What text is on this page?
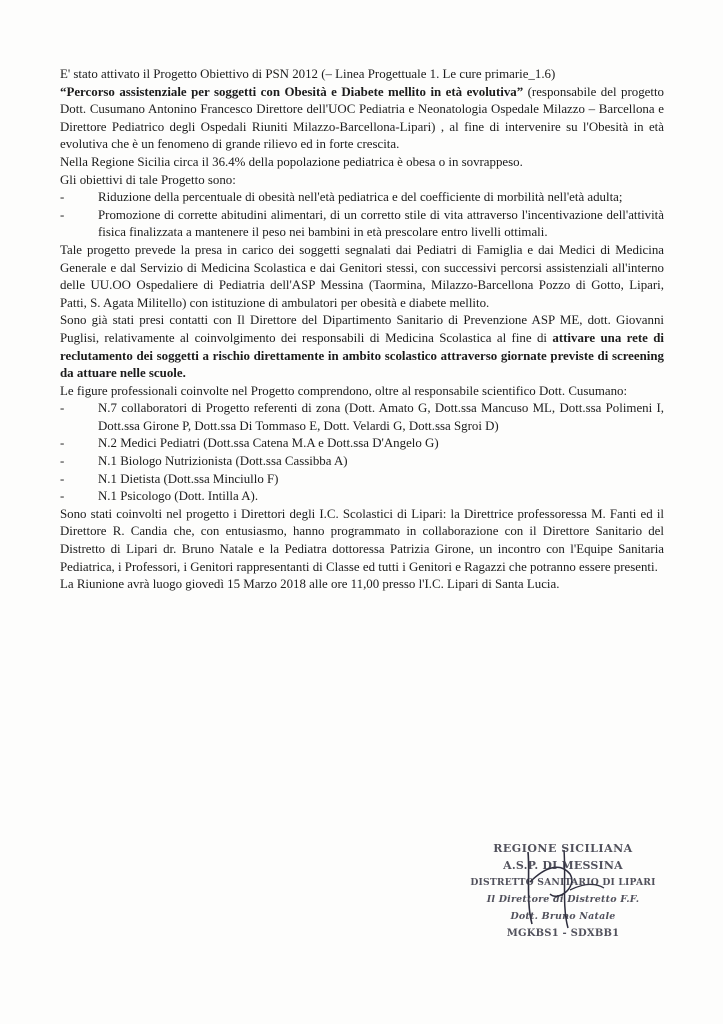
E' stato attivato il Progetto Obiettivo di PSN 2012 (– Linea Progettuale 1. Le cure primarie_1.6)
“Percorso assistenziale per soggetti con Obesità e Diabete mellito in età evolutiva” (responsabile del progetto Dott. Cusumano Antonino Francesco Direttore dell'UOC Pediatria e Neonatologia Ospedale Milazzo – Barcellona e Direttore Pediatrico degli Ospedali Riuniti Milazzo-Barcellona-Lipari) , al fine di intervenire su l'Obesità in età evolutiva che è un fenomeno di grande rilievo ed in forte crescita.

Nella Regione Sicilia circa il 36.4% della popolazione pediatrica è obesa o in sovrappeso.

Gli obiettivi di tale Progetto sono:

-	Riduzione della percentuale di obesità nell'età pediatrica e del coefficiente di morbilità nell'età adulta;
-	Promozione di corrette abitudini alimentari, di un corretto stile di vita attraverso l'incentivazione dell'attività fisica finalizzata a mantenere il peso nei bambini in età prescolare entro livelli ottimali.

Tale progetto prevede la presa in carico dei soggetti segnalati dai Pediatri di Famiglia e dai Medici di Medicina Generale e dal Servizio di Medicina Scolastica e dai Genitori stessi, con successivi percorsi assistenziali all'interno delle UU.OO Ospedaliere di Pediatria dell'ASP Messina (Taormina, Milazzo-Barcellona Pozzo di Gotto, Lipari, Patti, S. Agata Militello) con istituzione di ambulatori per obesità e diabete mellito.

Sono già stati presi contatti con Il Direttore del Dipartimento Sanitario di Prevenzione ASP ME, dott. Giovanni Puglisi, relativamente al coinvolgimento dei responsabili di Medicina Scolastica al fine di attivare una rete di reclutamento dei soggetti a rischio direttamente in ambito scolastico attraverso giornate previste di screening da attuare nelle scuole.

Le figure professionali coinvolte nel Progetto comprendono, oltre al responsabile scientifico Dott. Cusumano:

-	N.7 collaboratori di Progetto referenti di zona (Dott. Amato G, Dott.ssa Mancuso ML, Dott.ssa Polimeni I, Dott.ssa Girone P, Dott.ssa Di Tommaso E, Dott. Velardi G, Dott.ssa Sgroi D)
-	N.2 Medici Pediatri (Dott.ssa Catena M.A e Dott.ssa D'Angelo G)
-	N.1 Biologo Nutrizionista (Dott.ssa Cassibba A)
-	N.1 Dietista (Dott.ssa Minciullo F)
-	N.1 Psicologo (Dott. Intilla A).

Sono stati coinvolti nel progetto i Direttori degli I.C. Scolastici di Lipari: la Direttrice professoressa M. Fanti ed il Direttore R. Candia che, con entusiasmo, hanno programmato in collaborazione con il Direttore Sanitario del Distretto di Lipari dr. Bruno Natale e la Pediatra dottoressa Patrizia Girone, un incontro con l'Equipe Sanitaria Pediatrica, i Professori, i Genitori rappresentanti di Classe ed tutti i Genitori e Ragazzi che potranno essere presenti.

La Riunione avrà luogo giovedì 15 Marzo 2018 alle ore 11,00 presso l'I.C. Lipari di Santa Lucia.

REGIONE SICILIANA
A.S.P. DI MESSINA
DISTRETTO SANITARIO DI LIPARI
Il Direttore di Distretto F.F.
Dott. Bruno Natale
MGKBS1 - SDXBB1
